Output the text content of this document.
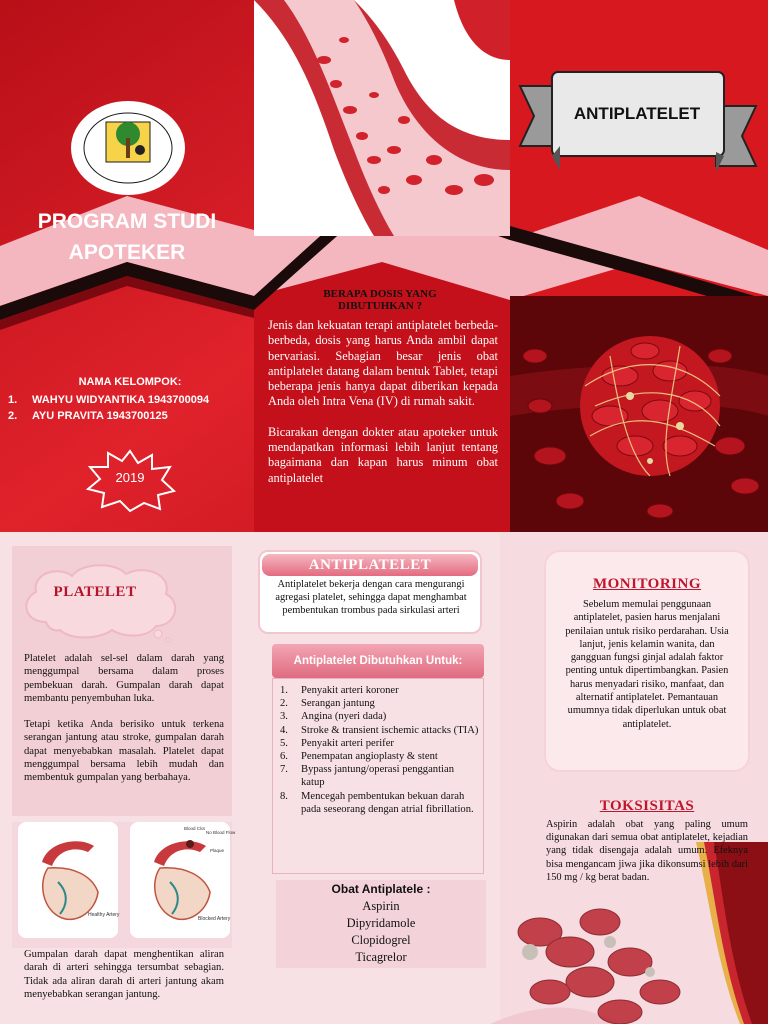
PROGRAM STUDI
APOTEKER
NAMA KELOMPOK:
1.	WAHYU WIDYANTIKA 1943700094
2.	AYU PRAVITA 1943700125
2019
ANTIPLATELET
BERAPA DOSIS YANG DIBUTUHKAN ?

Jenis dan kekuatan terapi antiplatelet berbeda-berbeda, dosis yang harus Anda ambil dapat bervariasi. Sebagian besar jenis obat antiplatelet datang dalam bentuk Tablet, tetapi beberapa jenis hanya dapat diberikan kepada Anda oleh Intra Vena (IV) di rumah sakit.

Bicarakan dengan dokter atau apoteker untuk mendapatkan informasi lebih lanjut tentang bagaimana dan kapan harus minum obat antiplatelet

PLATELET

Platelet adalah sel-sel dalam darah yang menggumpal bersama dalam proses pembekuan darah. Gumpalan darah dapat membantu penyembuhan luka.

Tetapi ketika Anda berisiko untuk terkena serangan jantung atau stroke, gumpalan darah dapat menyebabkan masalah. Platelet dapat menggumpal bersama lebih mudah dan membentuk gumpalan yang berbahaya.

Healthy Artery
Blood Clot
No Blood Flow
Plaque
Blocked Artery
Gumpalan darah dapat menghentikan aliran darah di arteri sehingga tersumbat sebagian. Tidak ada aliran darah di arteri jantung akam menyebabkan serangan jantung.
ANTIPLATELET
Antiplatelet bekerja dengan cara mengurangi agregasi platelet, sehingga dapat menghambat pembentukan trombus pada sirkulasi arteri
Antiplatelet Dibutuhkan Untuk:
1.	Penyakit arteri koroner
2.	Serangan jantung
3.	Angina (nyeri dada)
4.	Stroke & transient ischemic attacks (TIA)
5.	Penyakit arteri perifer
6.	Penempatan angioplasty & stent
7.	Bypass jantung/operasi penggantian katup
8.	Mencegah pembentukan bekuan darah pada seseorang dengan atrial fibrillation.
Obat Antiplatele :
Aspirin
Dipyridamole
Clopidogrel
Ticagrelor
MONITORING
Sebelum memulai penggunaan antiplatelet, pasien harus menjalani penilaian untuk risiko perdarahan. Usia lanjut, jenis kelamin wanita, dan gangguan fungsi ginjal adalah faktor penting untuk dipertimbangkan. Pasien harus menyadari risiko, manfaat, dan alternatif antiplatelet. Pemantauan umumnya tidak diperlukan untuk obat antiplatelet.
TOKSISITAS
Aspirin adalah obat yang paling umum digunakan dari semua obat antiplatelet, kejadian yang tidak disengaja adalah umum. Efeknya bisa mengancam jiwa jika dikonsumsi lebih dari 150 mg / kg berat badan.
